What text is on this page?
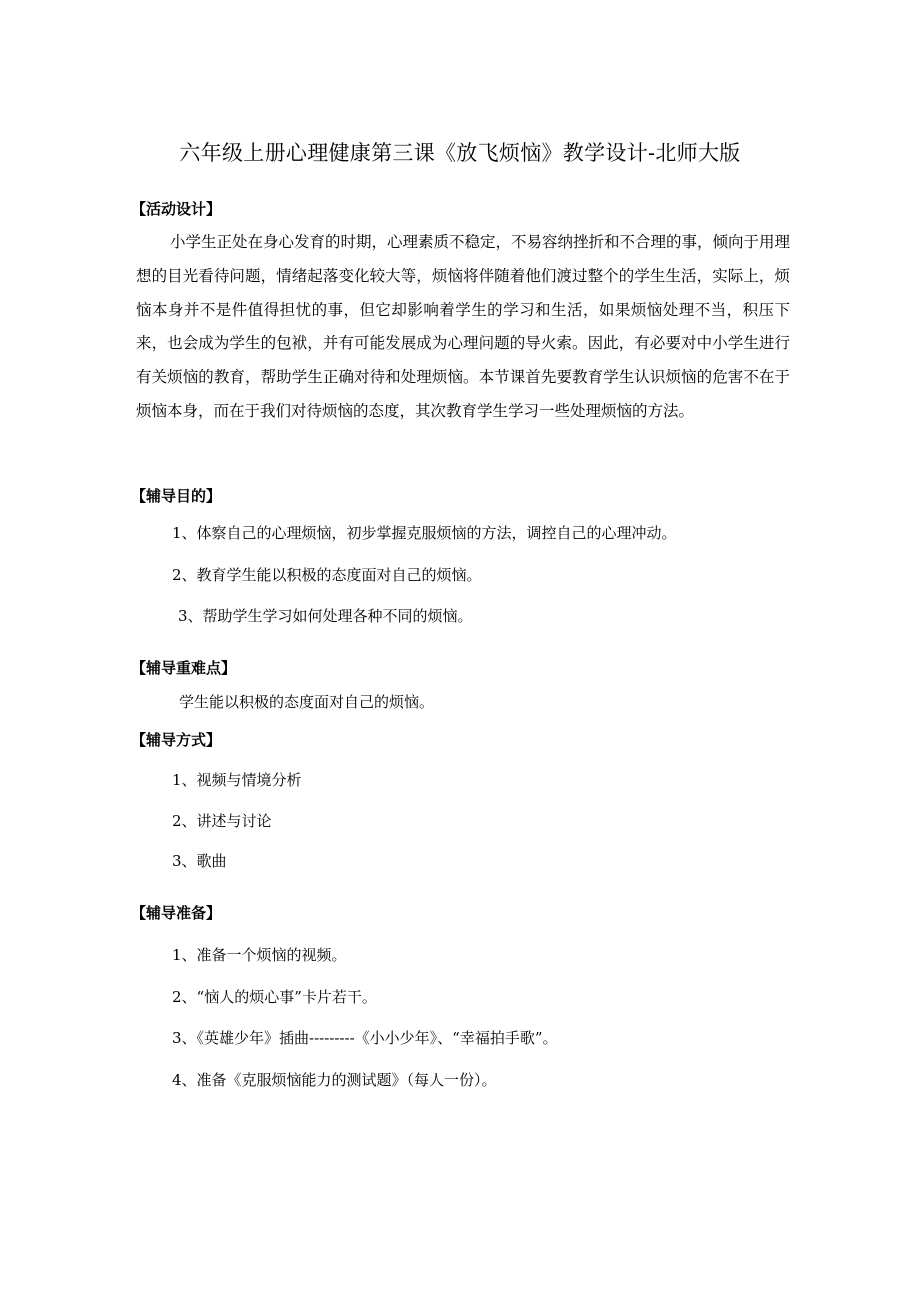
六年级上册心理健康第三课《放飞烦恼》教学设计-北师大版
【活动设计】
小学生正处在身心发育的时期，心理素质不稳定，不易容纳挫折和不合理的事，倾向于用理想的目光看待问题，情绪起落变化较大等，烦恼将伴随着他们渡过整个的学生生活，实际上，烦恼本身并不是件值得担忧的事，但它却影响着学生的学习和生活，如果烦恼处理不当，积压下来，也会成为学生的包袱，并有可能发展成为心理问题的导火索。因此，有必要对中小学生进行有关烦恼的教育，帮助学生正确对待和处理烦恼。本节课首先要教育学生认识烦恼的危害不在于烦恼本身，而在于我们对待烦恼的态度，其次教育学生学习一些处理烦恼的方法。
【辅导目的】
1、体察自己的心理烦恼，初步掌握克服烦恼的方法，调控自己的心理冲动。
2、教育学生能以积极的态度面对自己的烦恼。
3、帮助学生学习如何处理各种不同的烦恼。
【辅导重难点】
学生能以积极的态度面对自己的烦恼。
【辅导方式】
1、视频与情境分析
2、讲述与讨论
3、歌曲
【辅导准备】
1、准备一个烦恼的视频。
2、“恼人的烦心事”卡片若干。
3、《英雄少年》插曲---------《小小少年》、“幸福拍手歌”。
4、准备《克服烦恼能力的测试题》（每人一份）。
